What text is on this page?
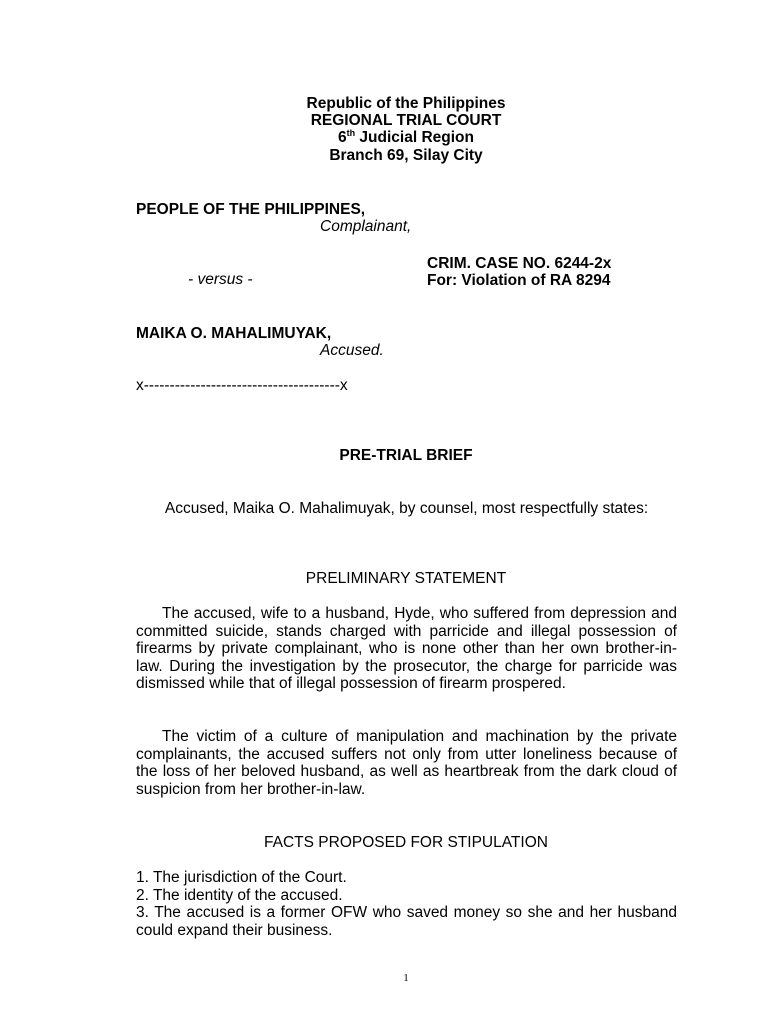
Republic of the Philippines
REGIONAL TRIAL COURT
6th Judicial Region
Branch 69, Silay City
PEOPLE OF THE PHILIPPINES,
Complainant,
CRIM. CASE NO. 6244-2x
- versus -	For: Violation of RA 8294
MAIKA O. MAHALIMUYAK,
Accused.
x--------------------------------------x
PRE-TRIAL BRIEF
Accused, Maika O. Mahalimuyak, by counsel, most respectfully states:
PRELIMINARY STATEMENT
The accused, wife to a husband, Hyde, who suffered from depression and committed suicide, stands charged with parricide and illegal possession of firearms by private complainant, who is none other than her own brother-in-law. During the investigation by the prosecutor, the charge for parricide was dismissed while that of illegal possession of firearm prospered.
The victim of a culture of manipulation and machination by the private complainants, the accused suffers not only from utter loneliness because of the loss of her beloved husband, as well as heartbreak from the dark cloud of suspicion from her brother-in-law.
FACTS PROPOSED FOR STIPULATION
1. The jurisdiction of the Court.
2. The identity of the accused.
3. The accused is a former OFW who saved money so she and her husband could expand their business.
1
